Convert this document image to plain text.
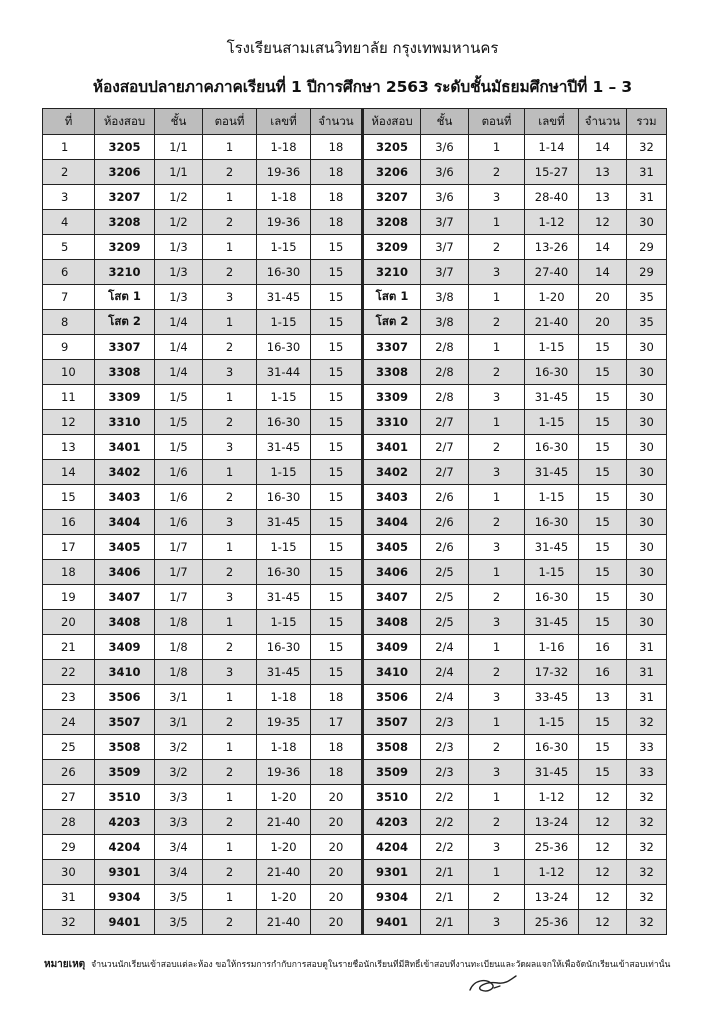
โรงเรียนสามเสนวิทยาลัย กรุงเทพมหานคร
ห้องสอบปลายภาคภาคเรียนที่ 1 ปีการศึกษา 2563 ระดับชั้นมัธยมศึกษาปีที่ 1 – 3
ที่	ห้องสอบ	ชั้น	ตอนที่	เลขที่	จำนวน	ห้องสอบ	ชั้น	ตอนที่	เลขที่	จำนวน	รวม
1	3205	1/1	1	1-18	18	3205	3/6	1	1-14	14	32
2	3206	1/1	2	19-36	18	3206	3/6	2	15-27	13	31
3	3207	1/2	1	1-18	18	3207	3/6	3	28-40	13	31
4	3208	1/2	2	19-36	18	3208	3/7	1	1-12	12	30
5	3209	1/3	1	1-15	15	3209	3/7	2	13-26	14	29
6	3210	1/3	2	16-30	15	3210	3/7	3	27-40	14	29
7	โสต 1	1/3	3	31-45	15	โสต 1	3/8	1	1-20	20	35
8	โสต 2	1/4	1	1-15	15	โสต 2	3/8	2	21-40	20	35
9	3307	1/4	2	16-30	15	3307	2/8	1	1-15	15	30
10	3308	1/4	3	31-44	15	3308	2/8	2	16-30	15	30
11	3309	1/5	1	1-15	15	3309	2/8	3	31-45	15	30
12	3310	1/5	2	16-30	15	3310	2/7	1	1-15	15	30
13	3401	1/5	3	31-45	15	3401	2/7	2	16-30	15	30
14	3402	1/6	1	1-15	15	3402	2/7	3	31-45	15	30
15	3403	1/6	2	16-30	15	3403	2/6	1	1-15	15	30
16	3404	1/6	3	31-45	15	3404	2/6	2	16-30	15	30
17	3405	1/7	1	1-15	15	3405	2/6	3	31-45	15	30
18	3406	1/7	2	16-30	15	3406	2/5	1	1-15	15	30
19	3407	1/7	3	31-45	15	3407	2/5	2	16-30	15	30
20	3408	1/8	1	1-15	15	3408	2/5	3	31-45	15	30
21	3409	1/8	2	16-30	15	3409	2/4	1	1-16	16	31
22	3410	1/8	3	31-45	15	3410	2/4	2	17-32	16	31
23	3506	3/1	1	1-18	18	3506	2/4	3	33-45	13	31
24	3507	3/1	2	19-35	17	3507	2/3	1	1-15	15	32
25	3508	3/2	1	1-18	18	3508	2/3	2	16-30	15	33
26	3509	3/2	2	19-36	18	3509	2/3	3	31-45	15	33
27	3510	3/3	1	1-20	20	3510	2/2	1	1-12	12	32
28	4203	3/3	2	21-40	20	4203	2/2	2	13-24	12	32
29	4204	3/4	1	1-20	20	4204	2/2	3	25-36	12	32
30	9301	3/4	2	21-40	20	9301	2/1	1	1-12	12	32
31	9304	3/5	1	1-20	20	9304	2/1	2	13-24	12	32
32	9401	3/5	2	21-40	20	9401	2/1	3	25-36	12	32
หมายเหตุ จำนวนนักเรียนเข้าสอบแต่ละห้อง ขอให้กรรมการกำกับการสอบดูในรายชื่อนักเรียนที่มีสิทธิ์เข้าสอบที่งานทะเบียนและวัดผลแจกให้เพื่อจัดนักเรียนเข้าสอบเท่านั้น
